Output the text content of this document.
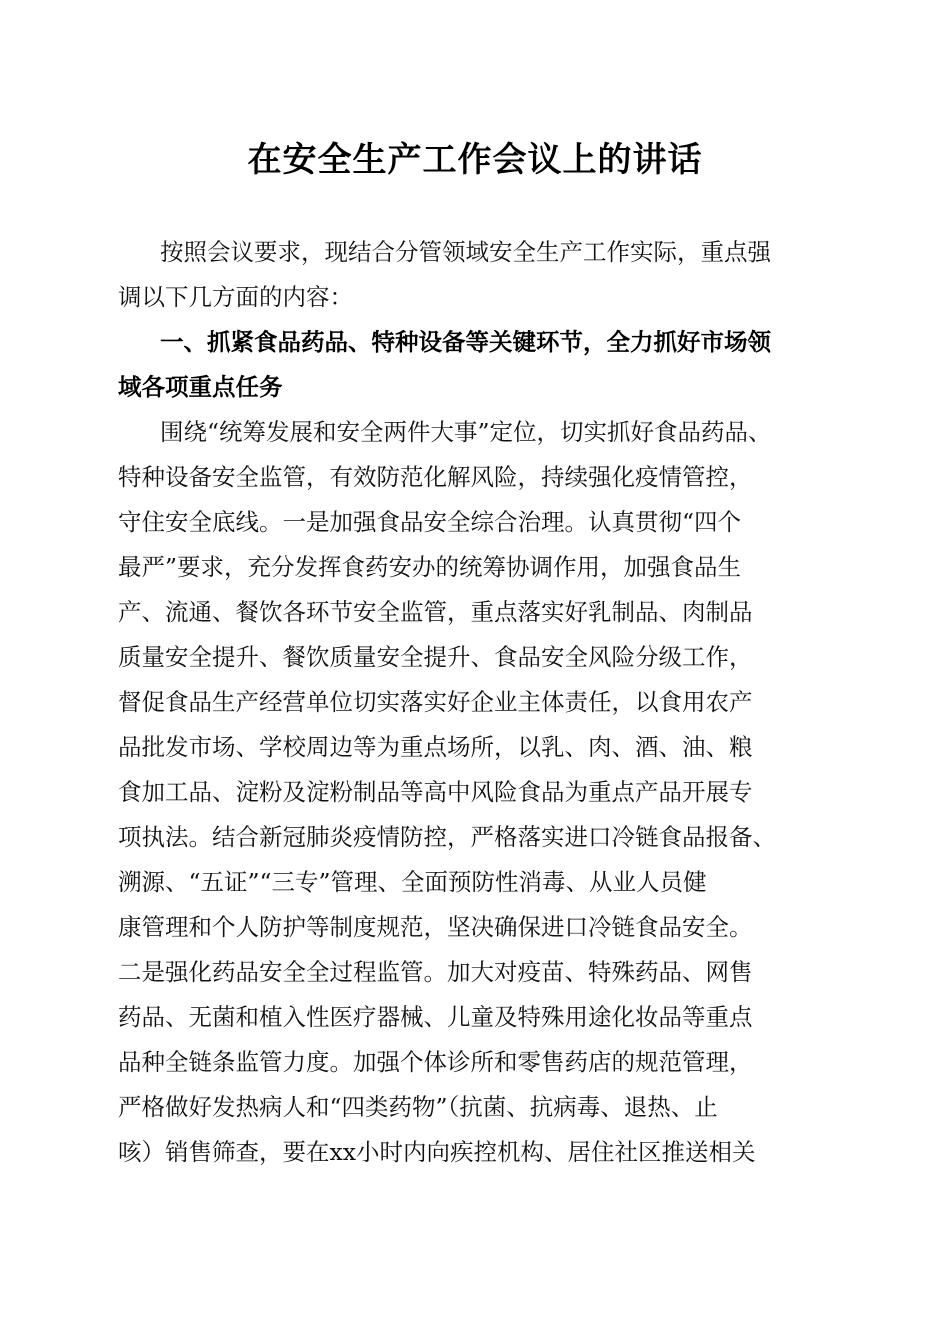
在安全生产工作会议上的讲话
按照会议要求，现结合分管领域安全生产工作实际，重点强
调以下几方面的内容：
一、抓紧食品药品、特种设备等关键环节，全力抓好市场领
域各项重点任务
围绕“统筹发展和安全两件大事”定位，切实抓好食品药品、
特种设备安全监管，有效防范化解风险，持续强化疫情管控，
守住安全底线。一是加强食品安全综合治理。认真贯彻“四个
最严”要求，充分发挥食药安办的统筹协调作用，加强食品生
产、流通、餐饮各环节安全监管，重点落实好乳制品、肉制品
质量安全提升、餐饮质量安全提升、食品安全风险分级工作，
督促食品生产经营单位切实落实好企业主体责任，以食用农产
品批发市场、学校周边等为重点场所，以乳、肉、酒、油、粮
食加工品、淀粉及淀粉制品等高中风险食品为重点产品开展专
项执法。结合新冠肺炎疫情防控，严格落实进口冷链食品报备、
溯源、“五证”“三专”管理、全面预防性消毒、从业人员健
康管理和个人防护等制度规范，坚决确保进口冷链食品安全。
二是强化药品安全全过程监管。加大对疫苗、特殊药品、网售
药品、无菌和植入性医疗器械、儿童及特殊用途化妆品等重点
品种全链条监管力度。加强个体诊所和零售药店的规范管理，
严格做好发热病人和“四类药物”（抗菌、抗病毒、退热、止
咳）销售筛查，要在xx小时内向疾控机构、居住社区推送相关
